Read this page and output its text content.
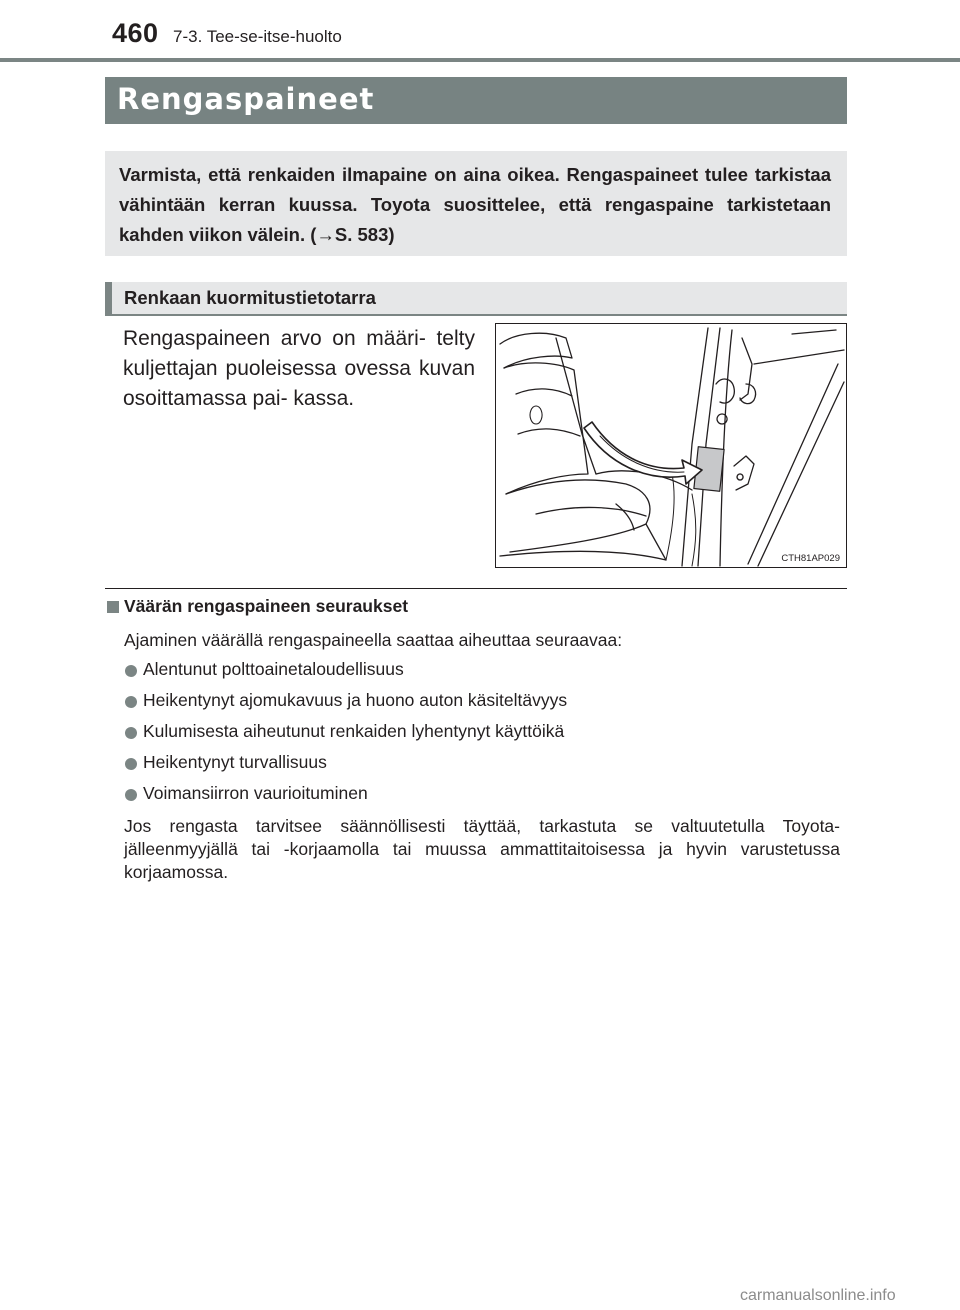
460 7-3. Tee-se-itse-huolto
Rengaspaineet
Varmista, että renkaiden ilmapaine on aina oikea. Rengaspaineet tulee tarkistaa vähintään kerran kuussa. Toyota suosittelee, että rengaspaine tarkistetaan kahden viikon välein. (→S. 583)
Renkaan kuormitustietotarra
Rengaspaineen arvo on määri- telty kuljettajan puoleisessa ovessa kuvan osoittamassa pai- kassa.
CTH81AP029
Väärän rengaspaineen seuraukset
Ajaminen väärällä rengaspaineella saattaa aiheuttaa seuraavaa:
Alentunut polttoainetaloudellisuus
Heikentynyt ajomukavuus ja huono auton käsiteltävyys
Kulumisesta aiheutunut renkaiden lyhentynyt käyttöikä
Heikentynyt turvallisuus
Voimansiirron vaurioituminen
Jos rengasta tarvitsee säännöllisesti täyttää, tarkastuta se valtuutetulla Toyota-jälleenmyyjällä tai -korjaamolla tai muussa ammattitaitoisessa ja hyvin varustetussa korjaamossa.
carmanualsonline.info
